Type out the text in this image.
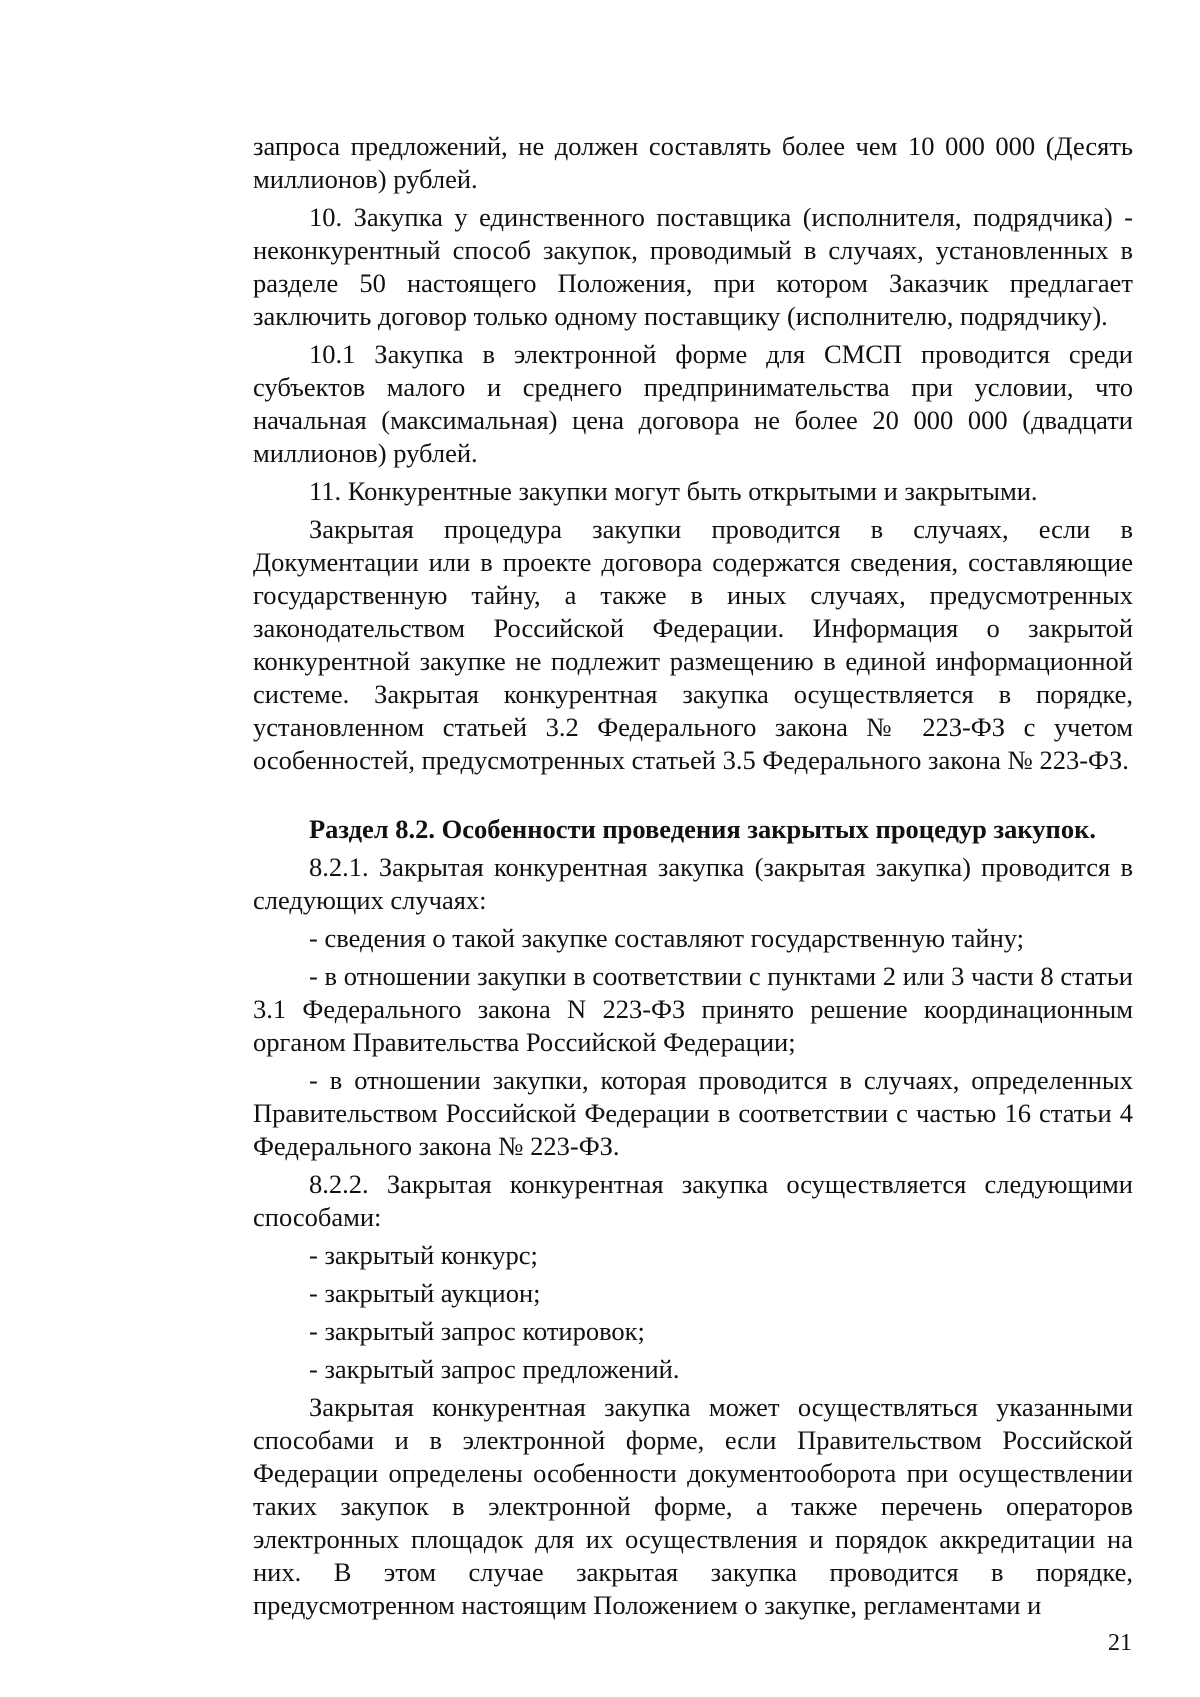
запроса предложений, не должен составлять более чем 10 000 000 (Десять миллионов) рублей.

10. Закупка у единственного поставщика (исполнителя, подрядчика) - неконкурентный способ закупок, проводимый в случаях, установленных в разделе 50 настоящего Положения, при котором Заказчик предлагает заключить договор только одному поставщику (исполнителю, подрядчику).

10.1 Закупка в электронной форме для СМСП проводится среди субъектов малого и среднего предпринимательства при условии, что начальная (максимальная) цена договора не более 20 000 000 (двадцати миллионов) рублей.

11. Конкурентные закупки могут быть открытыми и закрытыми.

Закрытая процедура закупки проводится в случаях, если в Документации или в проекте договора содержатся сведения, составляющие государственную тайну, а также в иных случаях, предусмотренных законодательством Российской Федерации. Информация о закрытой конкурентной закупке не подлежит размещению в единой информационной системе. Закрытая конкурентная закупка осуществляется в порядке, установленном статьей 3.2 Федерального закона № 223-ФЗ с учетом особенностей, предусмотренных статьей 3.5 Федерального закона № 223-ФЗ.

Раздел 8.2. Особенности проведения закрытых процедур закупок.

8.2.1. Закрытая конкурентная закупка (закрытая закупка) проводится в следующих случаях:

- сведения о такой закупке составляют государственную тайну;

- в отношении закупки в соответствии с пунктами 2 или 3 части 8 статьи 3.1 Федерального закона N 223-ФЗ принято решение координационным органом Правительства Российской Федерации;

- в отношении закупки, которая проводится в случаях, определенных Правительством Российской Федерации в соответствии с частью 16 статьи 4 Федерального закона № 223-ФЗ.

8.2.2. Закрытая конкурентная закупка осуществляется следующими способами:

- закрытый конкурс;

- закрытый аукцион;

- закрытый запрос котировок;

- закрытый запрос предложений.

Закрытая конкурентная закупка может осуществляться указанными способами и в электронной форме, если Правительством Российской Федерации определены особенности документооборота при осуществлении таких закупок в электронной форме, а также перечень операторов электронных площадок для их осуществления и порядок аккредитации на них. В этом случае закрытая закупка проводится в порядке, предусмотренном настоящим Положением о закупке, регламентами и

21
